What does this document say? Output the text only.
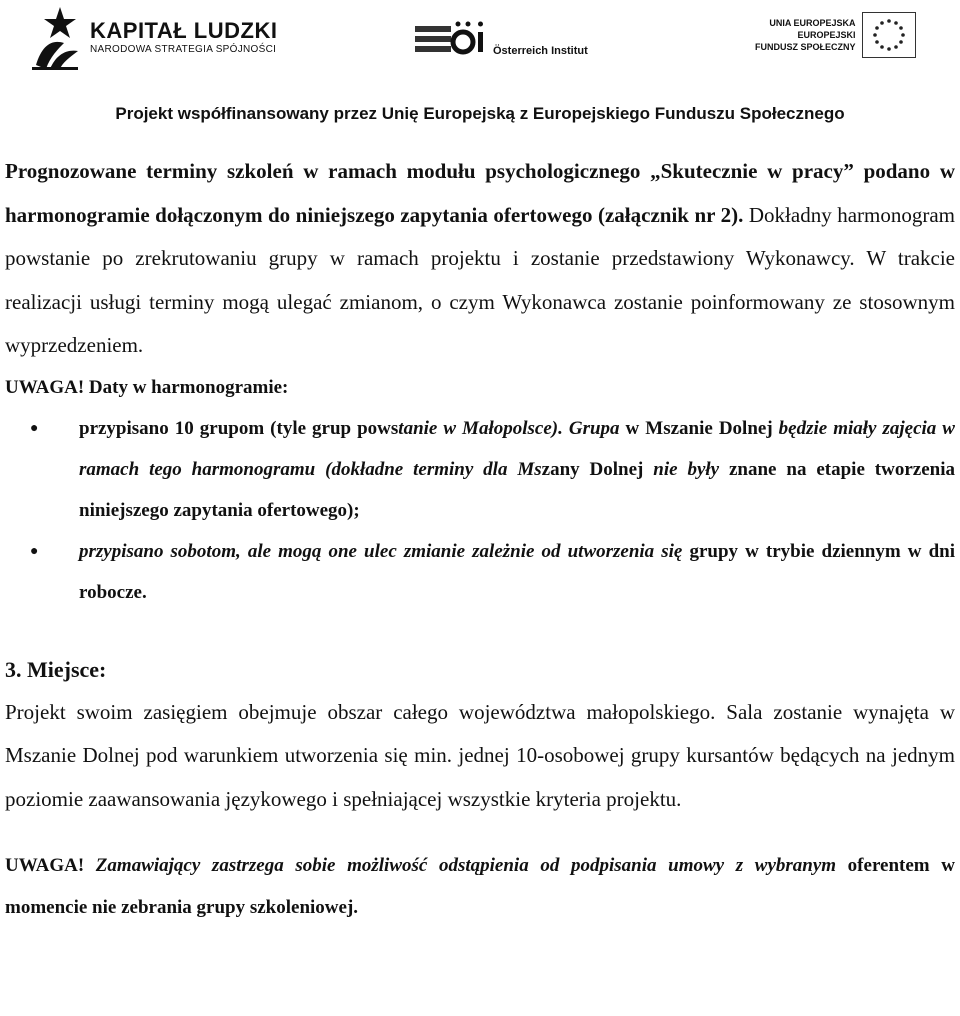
KAPITAŁ LUDZKI
NARODOWA STRATEGIA SPÓJNOŚCI	Österreich Institut
UNIA EUROPEJSKA
EUROPEJSKI
FUNDUSZ SPOŁECZNY
Projekt współfinansowany przez Unię Europejską z Europejskiego Funduszu Społecznego

Prognozowane terminy szkoleń w ramach modułu psychologicznego „Skutecznie w pracy” podano w harmonogramie dołączonym do niniejszego zapytania ofertowego (załącznik nr 2). Dokładny harmonogram powstanie po zrekrutowaniu grupy w ramach projektu i zostanie przedstawiony Wykonawcy. W trakcie realizacji usługi terminy mogą ulegać zmianom, o czym Wykonawca zostanie poinformowany ze stosownym wyprzedzeniem.

UWAGA! Daty w harmonogramie:

● przypisano 10 grupom (tyle grup powstanie w Małopolsce). Grupa w Mszanie Dolnej będzie miały zajęcia w ramach tego harmonogramu (dokładne terminy dla Mszany Dolnej nie były znane na etapie tworzenia niniejszego zapytania ofertowego);
● przypisano sobotom, ale mogą one ulec zmianie zależnie od utworzenia się grupy w trybie dziennym w dni robocze.

3. Miejsce:

Projekt swoim zasięgiem obejmuje obszar całego województwa małopolskiego. Sala zostanie wynajęta w Mszanie Dolnej pod warunkiem utworzenia się min. jednej 10-osobowej grupy kursantów będących na jednym poziomie zaawansowania językowego i spełniającej wszystkie kryteria projektu.

UWAGA! Zamawiający zastrzega sobie możliwość odstąpienia od podpisania umowy z wybranym oferentem w momencie nie zebrania grupy szkoleniowej.
